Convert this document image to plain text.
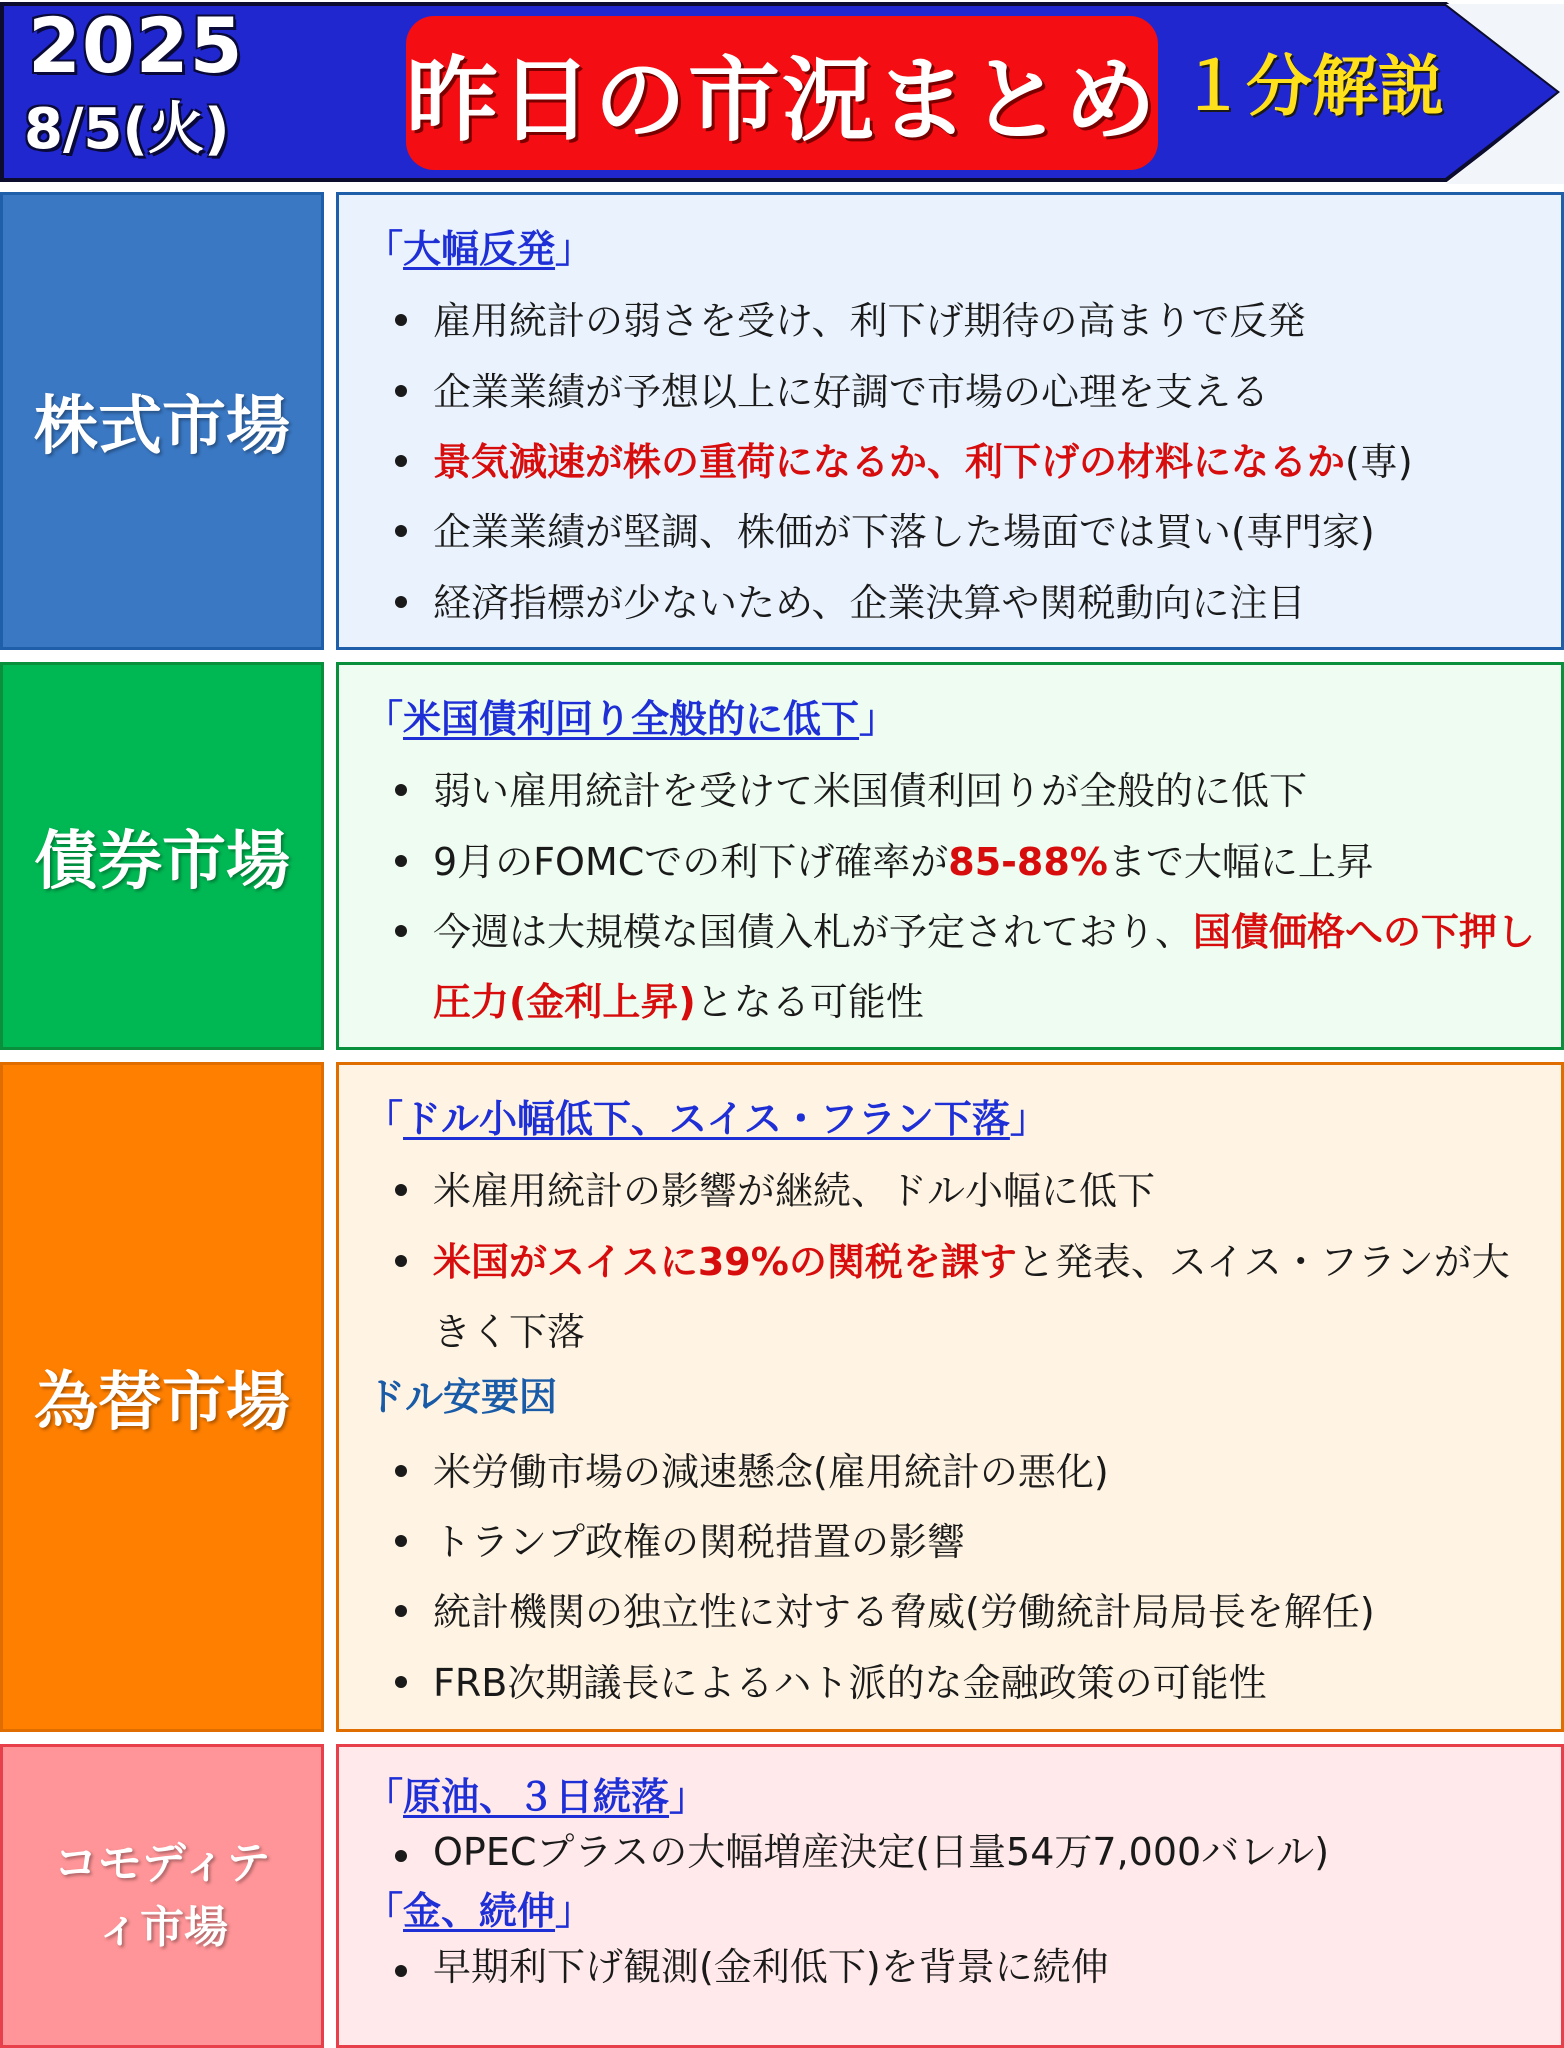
2025
8/5(火) 昨日の市況まとめ １分解説
株式市場
「大幅反発」
雇用統計の弱さを受け、利下げ期待の高まりで反発
企業業績が予想以上に好調で市場の心理を支える
景気減速が株の重荷になるか、利下げの材料になるか(専)
企業業績が堅調、株価が下落した場面では買い(専門家)
経済指標が少ないため、企業決算や関税動向に注目
債券市場
「米国債利回り全般的に低下」
弱い雇用統計を受けて米国債利回りが全般的に低下
9月のFOMCでの利下げ確率が85-88%まで大幅に上昇
今週は大規模な国債入札が予定されており、国債価格への下押し圧力(金利上昇)となる可能性
為替市場
「ドル小幅低下、スイス・フラン下落」
米雇用統計の影響が継続、ドル小幅に低下
米国がスイスに39%の関税を課すと発表、スイス・フランが大きく下落
ドル安要因
米労働市場の減速懸念(雇用統計の悪化)
トランプ政権の関税措置の影響
統計機関の独立性に対する脅威(労働統計局局長を解任)
FRB次期議長によるハト派的な金融政策の可能性
コモディテ
ィ市場
「原油、３日続落」
OPECプラスの大幅増産決定(日量54万7,000バレル)
「金、続伸」
早期利下げ観測(金利低下)を背景に続伸
